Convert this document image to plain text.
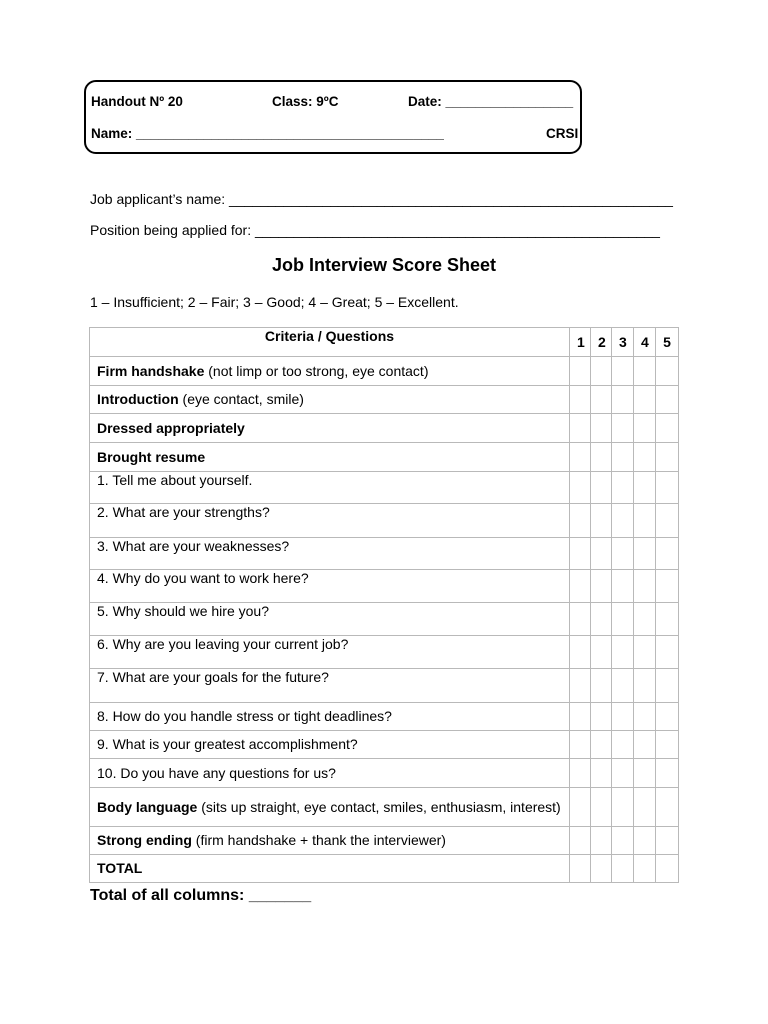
Handout Nº 20	Class: 9ºC	Date: _________________
Name: _________________________________________	CRSI
Job applicant’s name: _________________________________________________________
Position being applied for: ____________________________________________________
Job Interview Score Sheet
1 – Insufficient; 2 – Fair; 3 – Good; 4 – Great; 5 – Excellent.
Criteria / Questions	1	2	3	4	5
Firm handshake (not limp or too strong, eye contact)					
Introduction (eye contact, smile)					
Dressed appropriately					
Brought resume					
1. Tell me about yourself.					
2. What are your strengths?					
3. What are your weaknesses?					
4. Why do you want to work here?					
5. Why should we hire you?					
6. Why are you leaving your current job?					
7. What are your goals for the future?					
8. How do you handle stress or tight deadlines?					
9. What is your greatest accomplishment?					
10. Do you have any questions for us?					
Body language (sits up straight, eye contact, smiles, enthusiasm, interest)					
Strong ending (firm handshake + thank the interviewer)					
TOTAL					
Total of all columns: _______
